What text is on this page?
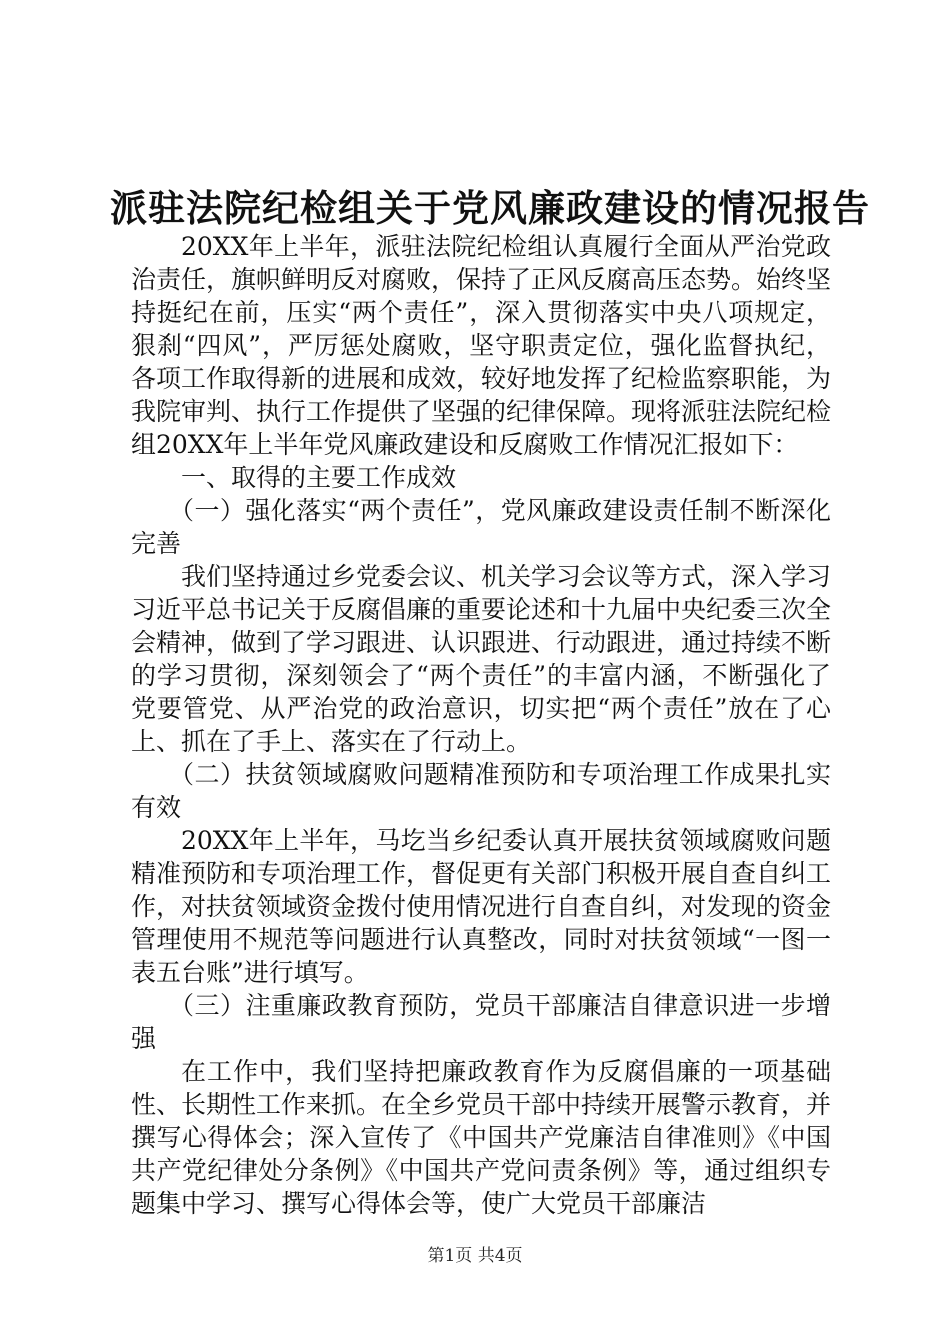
派驻法院纪检组关于党风廉政建设的情况报告

20XX年上半年，派驻法院纪检组认真履行全面从严治党政治责任，旗帜鲜明反对腐败，保持了正风反腐高压态势。始终坚持挺纪在前，压实“两个责任”，深入贯彻落实中央八项规定，狠刹“四风”，严厉惩处腐败，坚守职责定位，强化监督执纪，各项工作取得新的进展和成效，较好地发挥了纪检监察职能，为我院审判、执行工作提供了坚强的纪律保障。现将派驻法院纪检组20XX年上半年党风廉政建设和反腐败工作情况汇报如下：

一、取得的主要工作成效

（一）强化落实“两个责任”，党风廉政建设责任制不断深化完善

我们坚持通过乡党委会议、机关学习会议等方式，深入学习习近平总书记关于反腐倡廉的重要论述和十九届中央纪委三次全会精神，做到了学习跟进、认识跟进、行动跟进，通过持续不断的学习贯彻，深刻领会了“两个责任”的丰富内涵，不断强化了党要管党、从严治党的政治意识，切实把“两个责任”放在了心上、抓在了手上、落实在了行动上。

（二）扶贫领域腐败问题精准预防和专项治理工作成果扎实有效

20XX年上半年，马圪当乡纪委认真开展扶贫领域腐败问题精准预防和专项治理工作，督促更有关部门积极开展自查自纠工作，对扶贫领域资金拨付使用情况进行自查自纠，对发现的资金管理使用不规范等问题进行认真整改，同时对扶贫领域“一图一表五台账”进行填写。

（三）注重廉政教育预防，党员干部廉洁自律意识进一步增强

在工作中，我们坚持把廉政教育作为反腐倡廉的一项基础性、长期性工作来抓。在全乡党员干部中持续开展警示教育，并撰写心得体会；深入宣传了《中国共产党廉洁自律准则》《中国共产党纪律处分条例》《中国共产党问责条例》等，通过组织专题集中学习、撰写心得体会等，使广大党员干部廉洁

第1页 共4页
